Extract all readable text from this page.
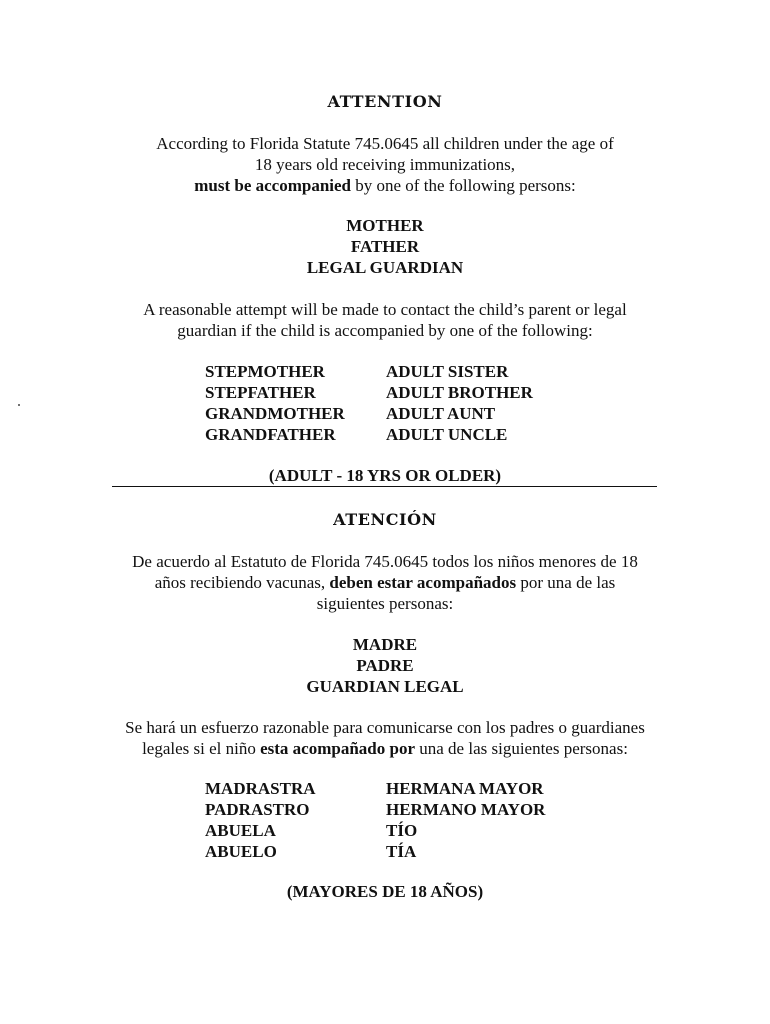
ATTENTION
According to Florida Statute 745.0645 all children under the age of
18 years old receiving immunizations,
must be accompanied by one of the following persons:
MOTHER
FATHER
LEGAL GUARDIAN
A reasonable attempt will be made to contact the child’s parent or legal
guardian if the child is accompanied by one of the following:
STEPMOTHER
STEPFATHER
GRANDMOTHER
GRANDFATHER
ADULT SISTER
ADULT BROTHER
ADULT AUNT
ADULT UNCLE
(ADULT - 18 YRS OR OLDER)
ATENCIÓN
De acuerdo al Estatuto de Florida 745.0645 todos los niños menores de 18
años recibiendo vacunas, deben estar acompañados por una de las
siguientes personas:
MADRE
PADRE
GUARDIAN LEGAL
Se hará un esfuerzo razonable para comunicarse con los padres o guardianes
legales si el niño esta acompañado por una de las siguientes personas:
MADRASTRA
PADRASTRO
ABUELA
ABUELO
HERMANA MAYOR
HERMANO MAYOR
TÍO
TÍA
(MAYORES DE 18 AÑOS)
